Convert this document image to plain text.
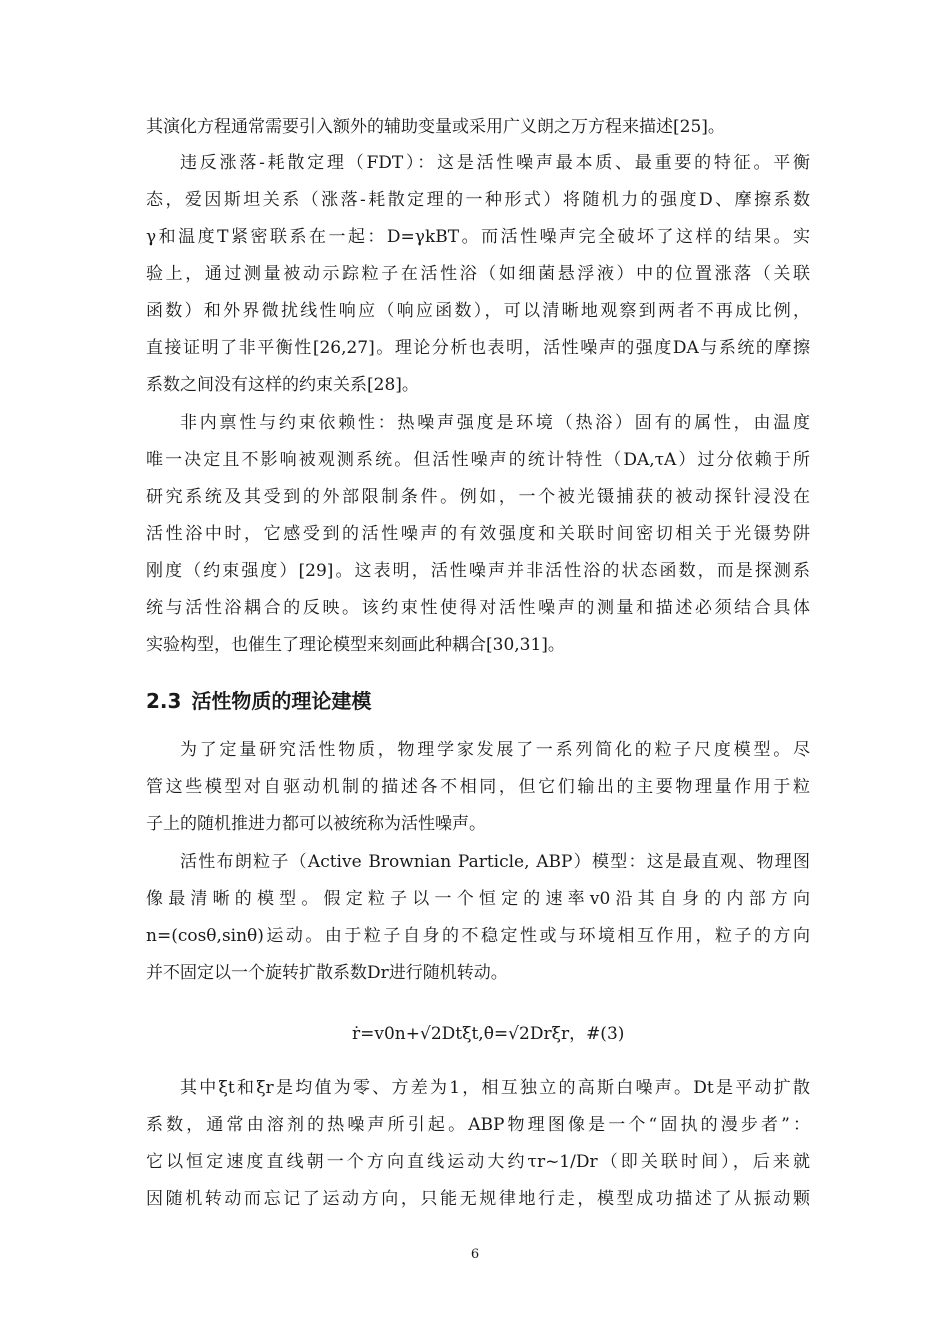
其演化方程通常需要引入额外的辅助变量或采用广义朗之万方程来描述[25]。
违反涨落-耗散定理（FDT）：这是活性噪声最本质、最重要的特征。平衡
态，爱因斯坦关系（涨落-耗散定理的一种形式）将随机力的强度D、摩擦系数
γ和温度T紧密联系在一起：D=γkBT。而活性噪声完全破坏了这样的结果。实
验上，通过测量被动示踪粒子在活性浴（如细菌悬浮液）中的位置涨落（关联
函数）和外界微扰线性响应（响应函数），可以清晰地观察到两者不再成比例，
直接证明了非平衡性[26,27]。理论分析也表明，活性噪声的强度DA与系统的摩擦
系数之间没有这样的约束关系[28]。
非内禀性与约束依赖性：热噪声强度是环境（热浴）固有的属性，由温度
唯一决定且不影响被观测系统。但活性噪声的统计特性（DA,τA）过分依赖于所
研究系统及其受到的外部限制条件。例如，一个被光镊捕获的被动探针浸没在
活性浴中时，它感受到的活性噪声的有效强度和关联时间密切相关于光镊势阱
刚度（约束强度）[29]。这表明，活性噪声并非活性浴的状态函数，而是探测系
统与活性浴耦合的反映。该约束性使得对活性噪声的测量和描述必须结合具体
实验构型，也催生了理论模型来刻画此种耦合[30,31]。
2.3 活性物质的理论建模
为了定量研究活性物质，物理学家发展了一系列简化的粒子尺度模型。尽
管这些模型对自驱动机制的描述各不相同，但它们输出的主要物理量作用于粒
子上的随机推进力都可以被统称为活性噪声。
活性布朗粒子（Active Brownian Particle, ABP）模型：这是最直观、物理图
像最清晰的模型。假定粒子以一个恒定的速率v0沿其自身的内部方向
n=(cosθ,sinθ)运动。由于粒子自身的不稳定性或与环境相互作用，粒子的方向
并不固定以一个旋转扩散系数Dr进行随机转动。
ṙ=v0n+√2Dtξt,θ̇=√2Drξr，#(3)
其中ξt和ξr是均值为零、方差为1，相互独立的高斯白噪声。Dt是平动扩散
系数，通常由溶剂的热噪声所引起。ABP物理图像是一个“固执的漫步者”：
它以恒定速度直线朝一个方向直线运动大约τr~1/Dr（即关联时间），后来就
因随机转动而忘记了运动方向，只能无规律地行走，模型成功描述了从振动颗
6
